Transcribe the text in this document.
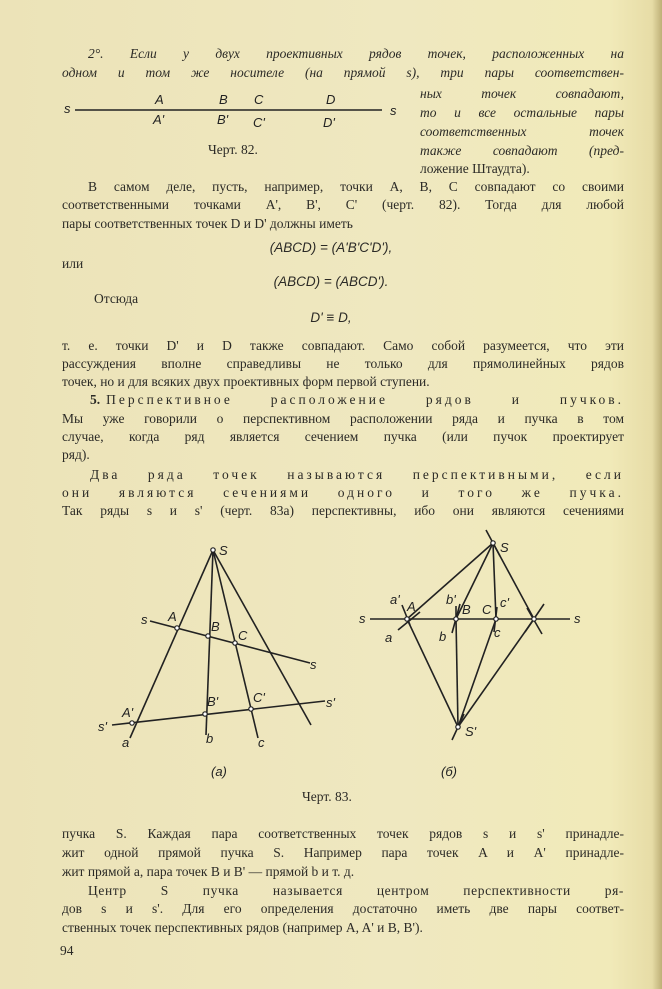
2°. Если у двух проективных рядов точек, расположенных на
одном и том же носителе (на прямой s), три пары соответствен-
ных точек совпадают,
то и все остальные пары
соответственных точек
также совпадают (пред-
ложение Штаудта).
s	s
A	B C	D
A'	B' C'	D'
S
s
s
s'
s'
A
B
C
A'
B'	C'
a	b	c
S
S'
s	s
A	B C
a'
a
b'
b
c'
c
(а)	(б)
Черт. 82.
В самом деле, пусть, например, точки A, B, C совпадают со своими
соответственными точками A', B', C' (черт. 82). Тогда для любой
пары соответственных точек D и D' должны иметь
(ABCD) = (A'B'C'D'),
или
(ABCD) = (ABCD').
Отсюда
D' ≡ D,
т. е. точки D' и D также совпадают. Само собой разумеется, что эти
рассуждения вполне справедливы не только для прямолинейных рядов
точек, но и для всяких двух проективных форм первой ступени.
5. Перспективное расположение рядов и пучков.
Мы уже говорили о перспективном расположении ряда и пучка в том
случае, когда ряд является сечением пучка (или пучок проектирует
ряд).
Два ряда точек называются перспективными, если
они являются сечениями одного и того же пучка.
Так ряды s и s' (черт. 83а) перспективны, ибо они являются сечениями
Черт. 83.
пучка S. Каждая пара соответственных точек рядов s и s' принадле-
жит одной прямой пучка S. Например пара точек A и A' принадле-
жит прямой a, пара точек B и B' — прямой b и т. д.
Центр S пучка называется центром перспективности ря-
дов s и s'. Для его определения достаточно иметь две пары соответ-
ственных точек перспективных рядов (например A, A' и B, B').
94
